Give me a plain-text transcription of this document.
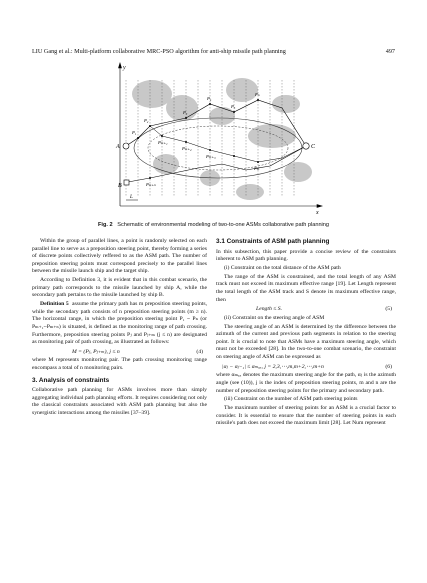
LIU Gang et al.: Multi-platform collaborative MRC-PSO algorithm for anti-ship missile path planning	497
y
x
L
A
B
C
P₁
P₂
P₃
P₄
P₅
Pₙ
Pₘ₊₁
Pₘ₊₂
Pₘ₊₃
Pₘ
Pₘ₊ₙ
Fig. 2 Schematic of environmental modeling of two-to-one ASMs collaborative path planning

Within the group of parallel lines, a point is randomly selected on each parallel line to serve as a preposition steering point, thereby forming a series of discrete points collectively reffered to as the ASM path. The number of preposition steering points must correspond precisely to the parallel lines between the missile launch ship and the target ship.

According to Definition 3, it is evident that in this combat scenario, the primary path corresponds to the missile launched by ship A, while the secondary path pertains to the missile launched by ship B.

Definition 5 assume the primary path has m preposition steering points, while the secondary path consists of n preposition steering points (m ≥ n). The horizontal range, in which the preposition steering point P₁ ~ Pₙ (or Pₘ₊₁~Pₘ₊ₙ) is situated, is defined as the monitoring range of path crossing. Furthermore, preposition steering points Pⱼ and Pⱼ₊ₘ (j ≤ n) are designated as monitoring pair of path crossing, as illustrated as follows:

M = (Pⱼ, Pⱼ₊ₘ), j ≤ n	(4)

where M represents monitoring pair. The path crossing monitoring range encompass a total of n monitoring pairs.

3. Analysis of constraints

Collaborative path planning for ASMs involves more than simply aggregating individual path planning efforts. It requires considering not only the classical constraints associated with ASM path planning but also the synergistic interactions among the missiles [37–39].

3.1 Constraints of ASM path planning

In this subsection, this paper provide a concise review of the constraints inherent to ASM path planning.

(i) Constraint on the total distance of the ASM path

The range of the ASM is constrained, and the total length of any ASM track must not exceed its maximum effective range [19]. Let Length represent the total length of the ASM track and S denote its maximum effective range, then

Length ≤ S.	(5)

(ii) Constraint on the steering angle of ASM

The steering angle of an ASM is determined by the difference between the azimuth of the current and previous path segments in relation to the steering point. It is crucial to note that ASMs have a maximum steering angle, which must not be exceeded [28]. In the two-to-one combat scenario, the constraint on steering angle of ASM can be expressed as

|αⱼ − αⱼ₋₁| ≤ αₘₐₓ, j = 2,3,⋯,m,m+2,⋯,m+n	(6)

where αₘₐₓ denotes the maximum steering angle for the path, αⱼ is the azimuth angle (see (10)), j is the index of preposition steering points, m and n are the number of preposition steering points for the primary and secondary path.

(iii) Constraint on the number of ASM path steering points

The maximum number of steering points for an ASM is a crucial factor to consider. It is essential to ensure that the number of steering points in each missile's path does not exceed the maximum limit [28]. Let Num represent
